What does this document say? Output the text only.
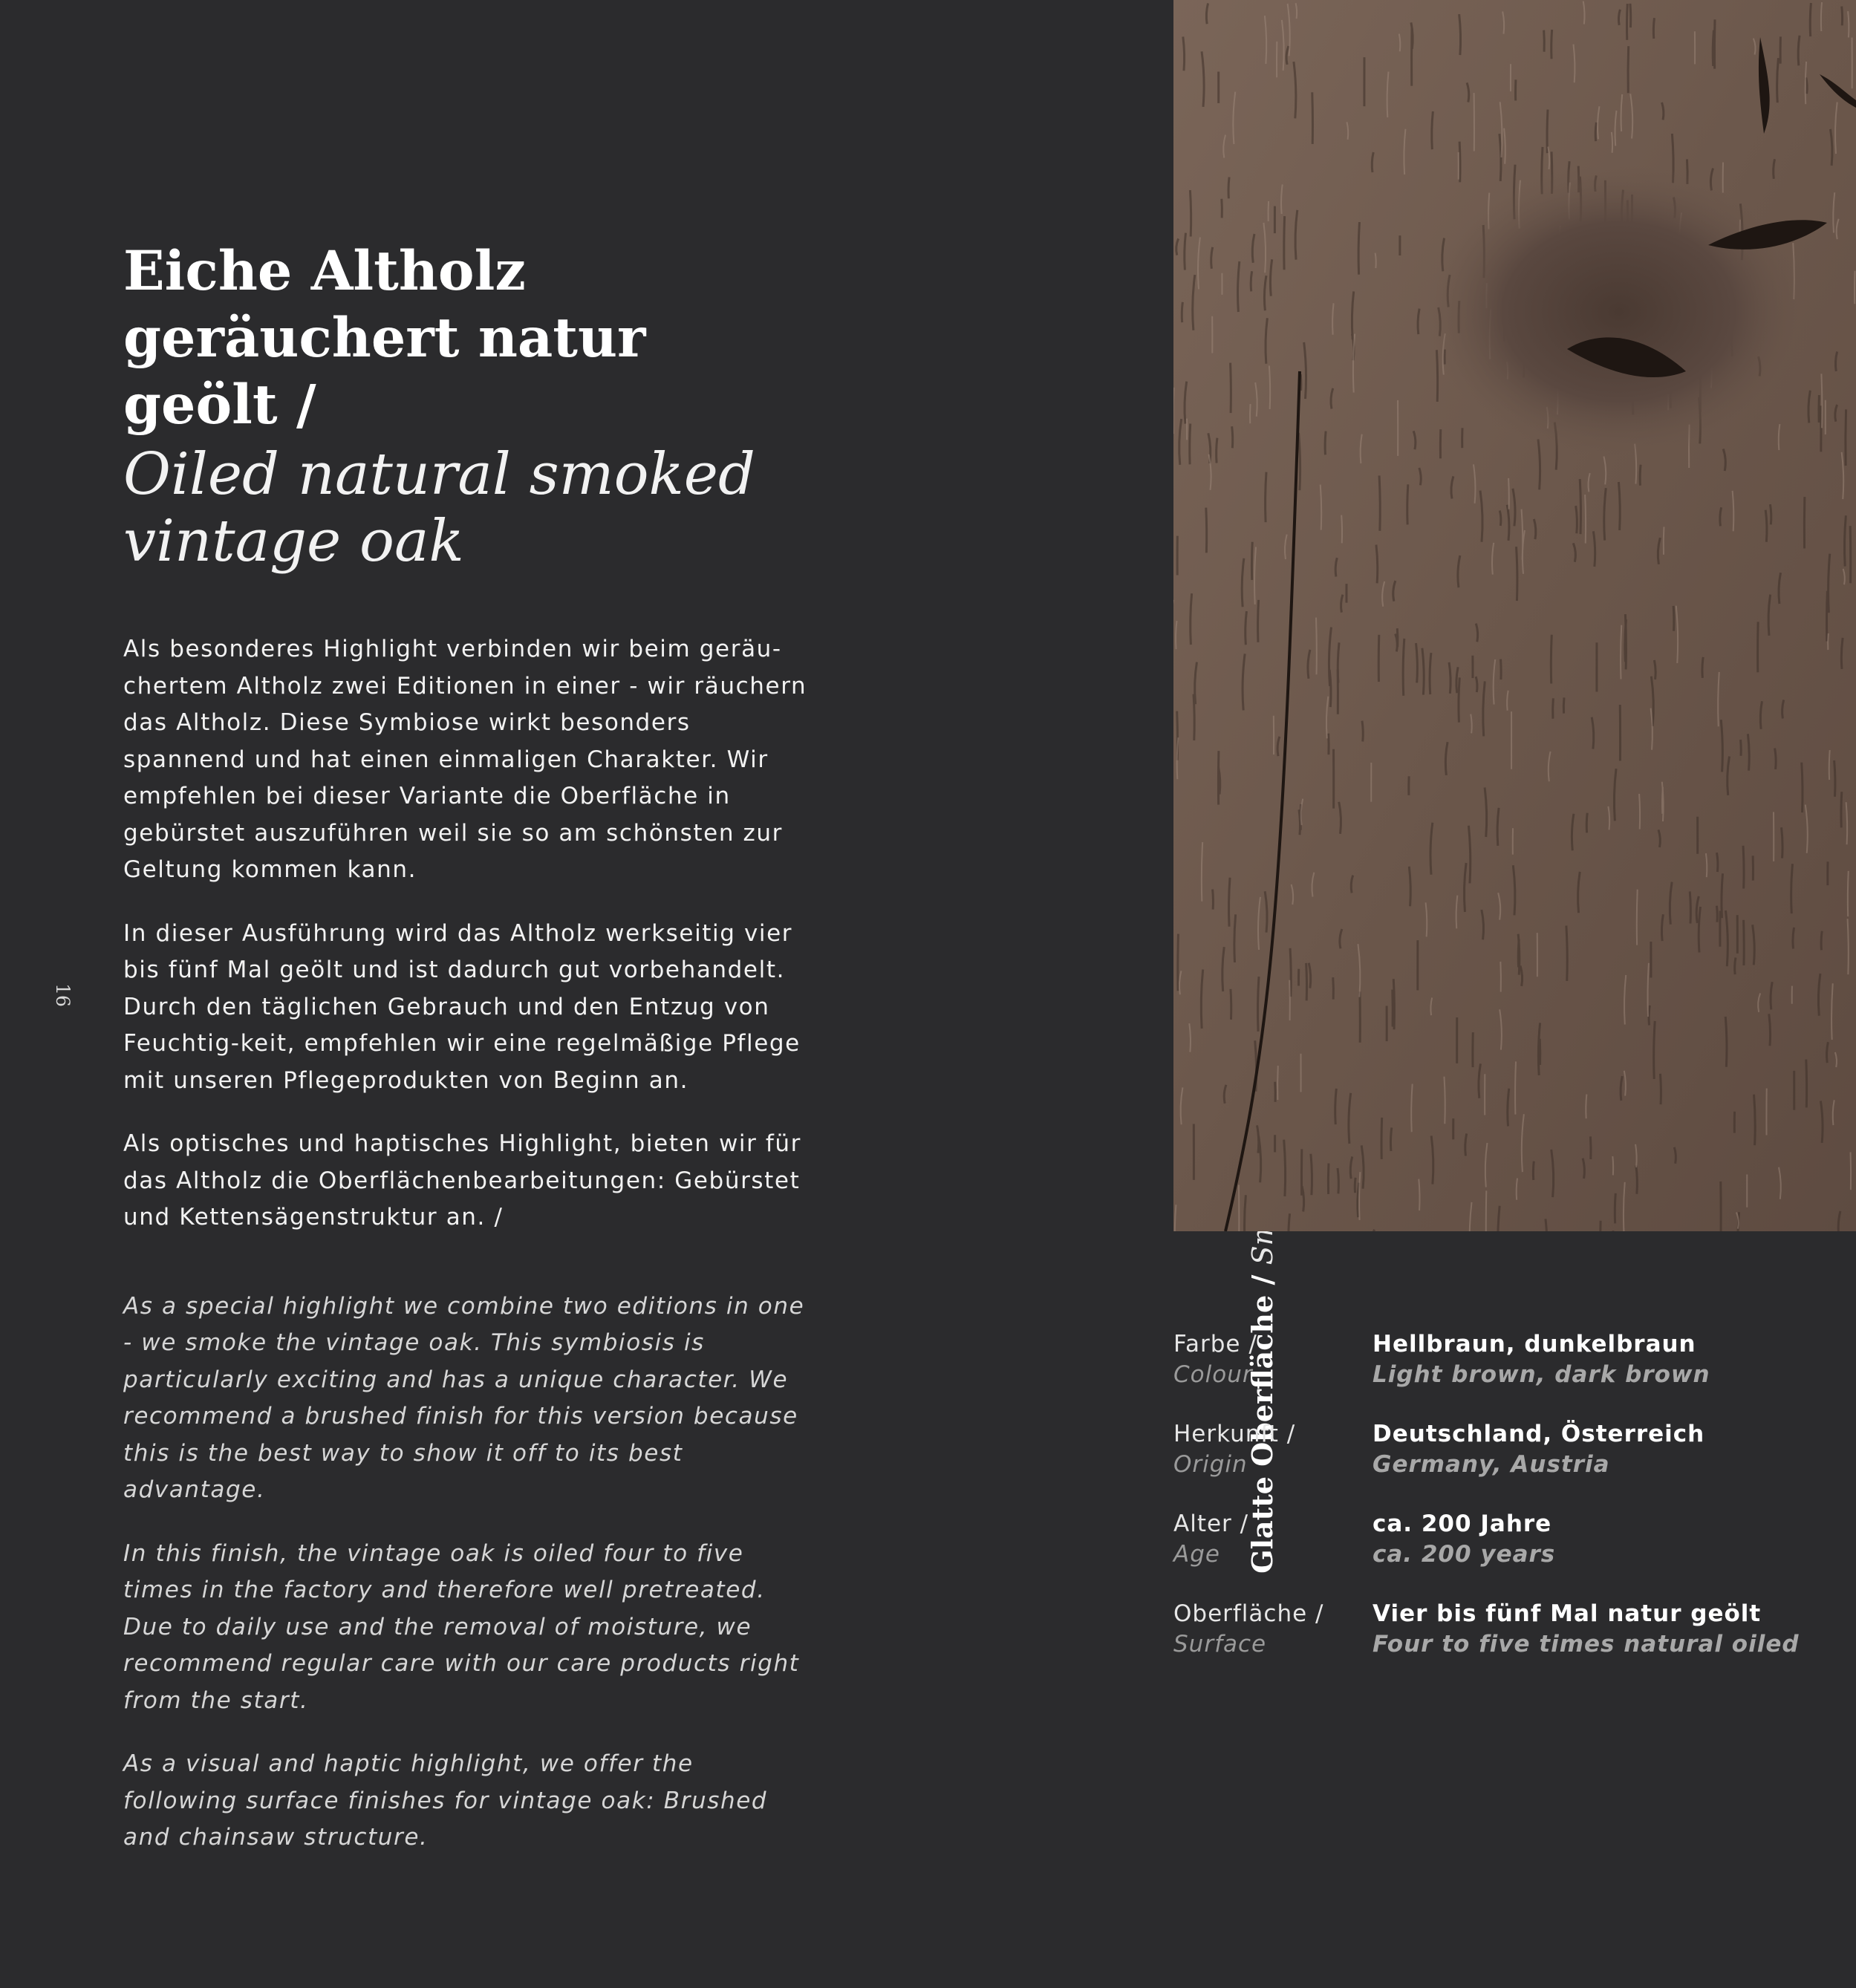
16
Eiche Altholz
geräuchert natur geölt /
Oiled natural smoked
vintage oak

Als besonderes Highlight verbinden wir beim geräu-chertem Altholz zwei Editionen in einer - wir räuchern das Altholz. Diese Symbiose wirkt besonders spannend und hat einen einmaligen Charakter. Wir empfehlen bei dieser Variante die Oberfläche in gebürstet auszuführen weil sie so am schönsten zur Geltung kommen kann.

In dieser Ausführung wird das Altholz werkseitig vier bis fünf Mal geölt und ist dadurch gut vorbehandelt. Durch den täglichen Gebrauch und den Entzug von Feuchtig-keit, empfehlen wir eine regelmäßige Pflege mit unseren Pflegeprodukten von Beginn an.

Als optisches und haptisches Highlight, bieten wir für das Altholz die Oberflächenbearbeitungen: Gebürstet und Kettensägenstruktur an. /

As a special highlight we combine two editions in one - we smoke the vintage oak. This symbiosis is particularly exciting and has a unique character. We recommend a brushed finish for this version because this is the best way to show it off to its best advantage.

In this finish, the vintage oak is oiled four to five times in the factory and therefore well pretreated. Due to daily use and the removal of moisture, we recommend regular care with our care products right from the start.

As a visual and haptic highlight, we offer the following surface finishes for vintage oak: Brushed and chainsaw structure.

Glatte Oberfläche /
Farbe /
Colour
Hellbraun, dunkelbraun
Light brown, dark brown
Herkunft /
Origin
Deutschland, Österreich
Germany, Austria
Alter /
Age
ca. 200 Jahre
ca. 200 years
Oberfläche /
Surface
Vier bis fünf Mal natur geölt
Four to five times natural oiled
